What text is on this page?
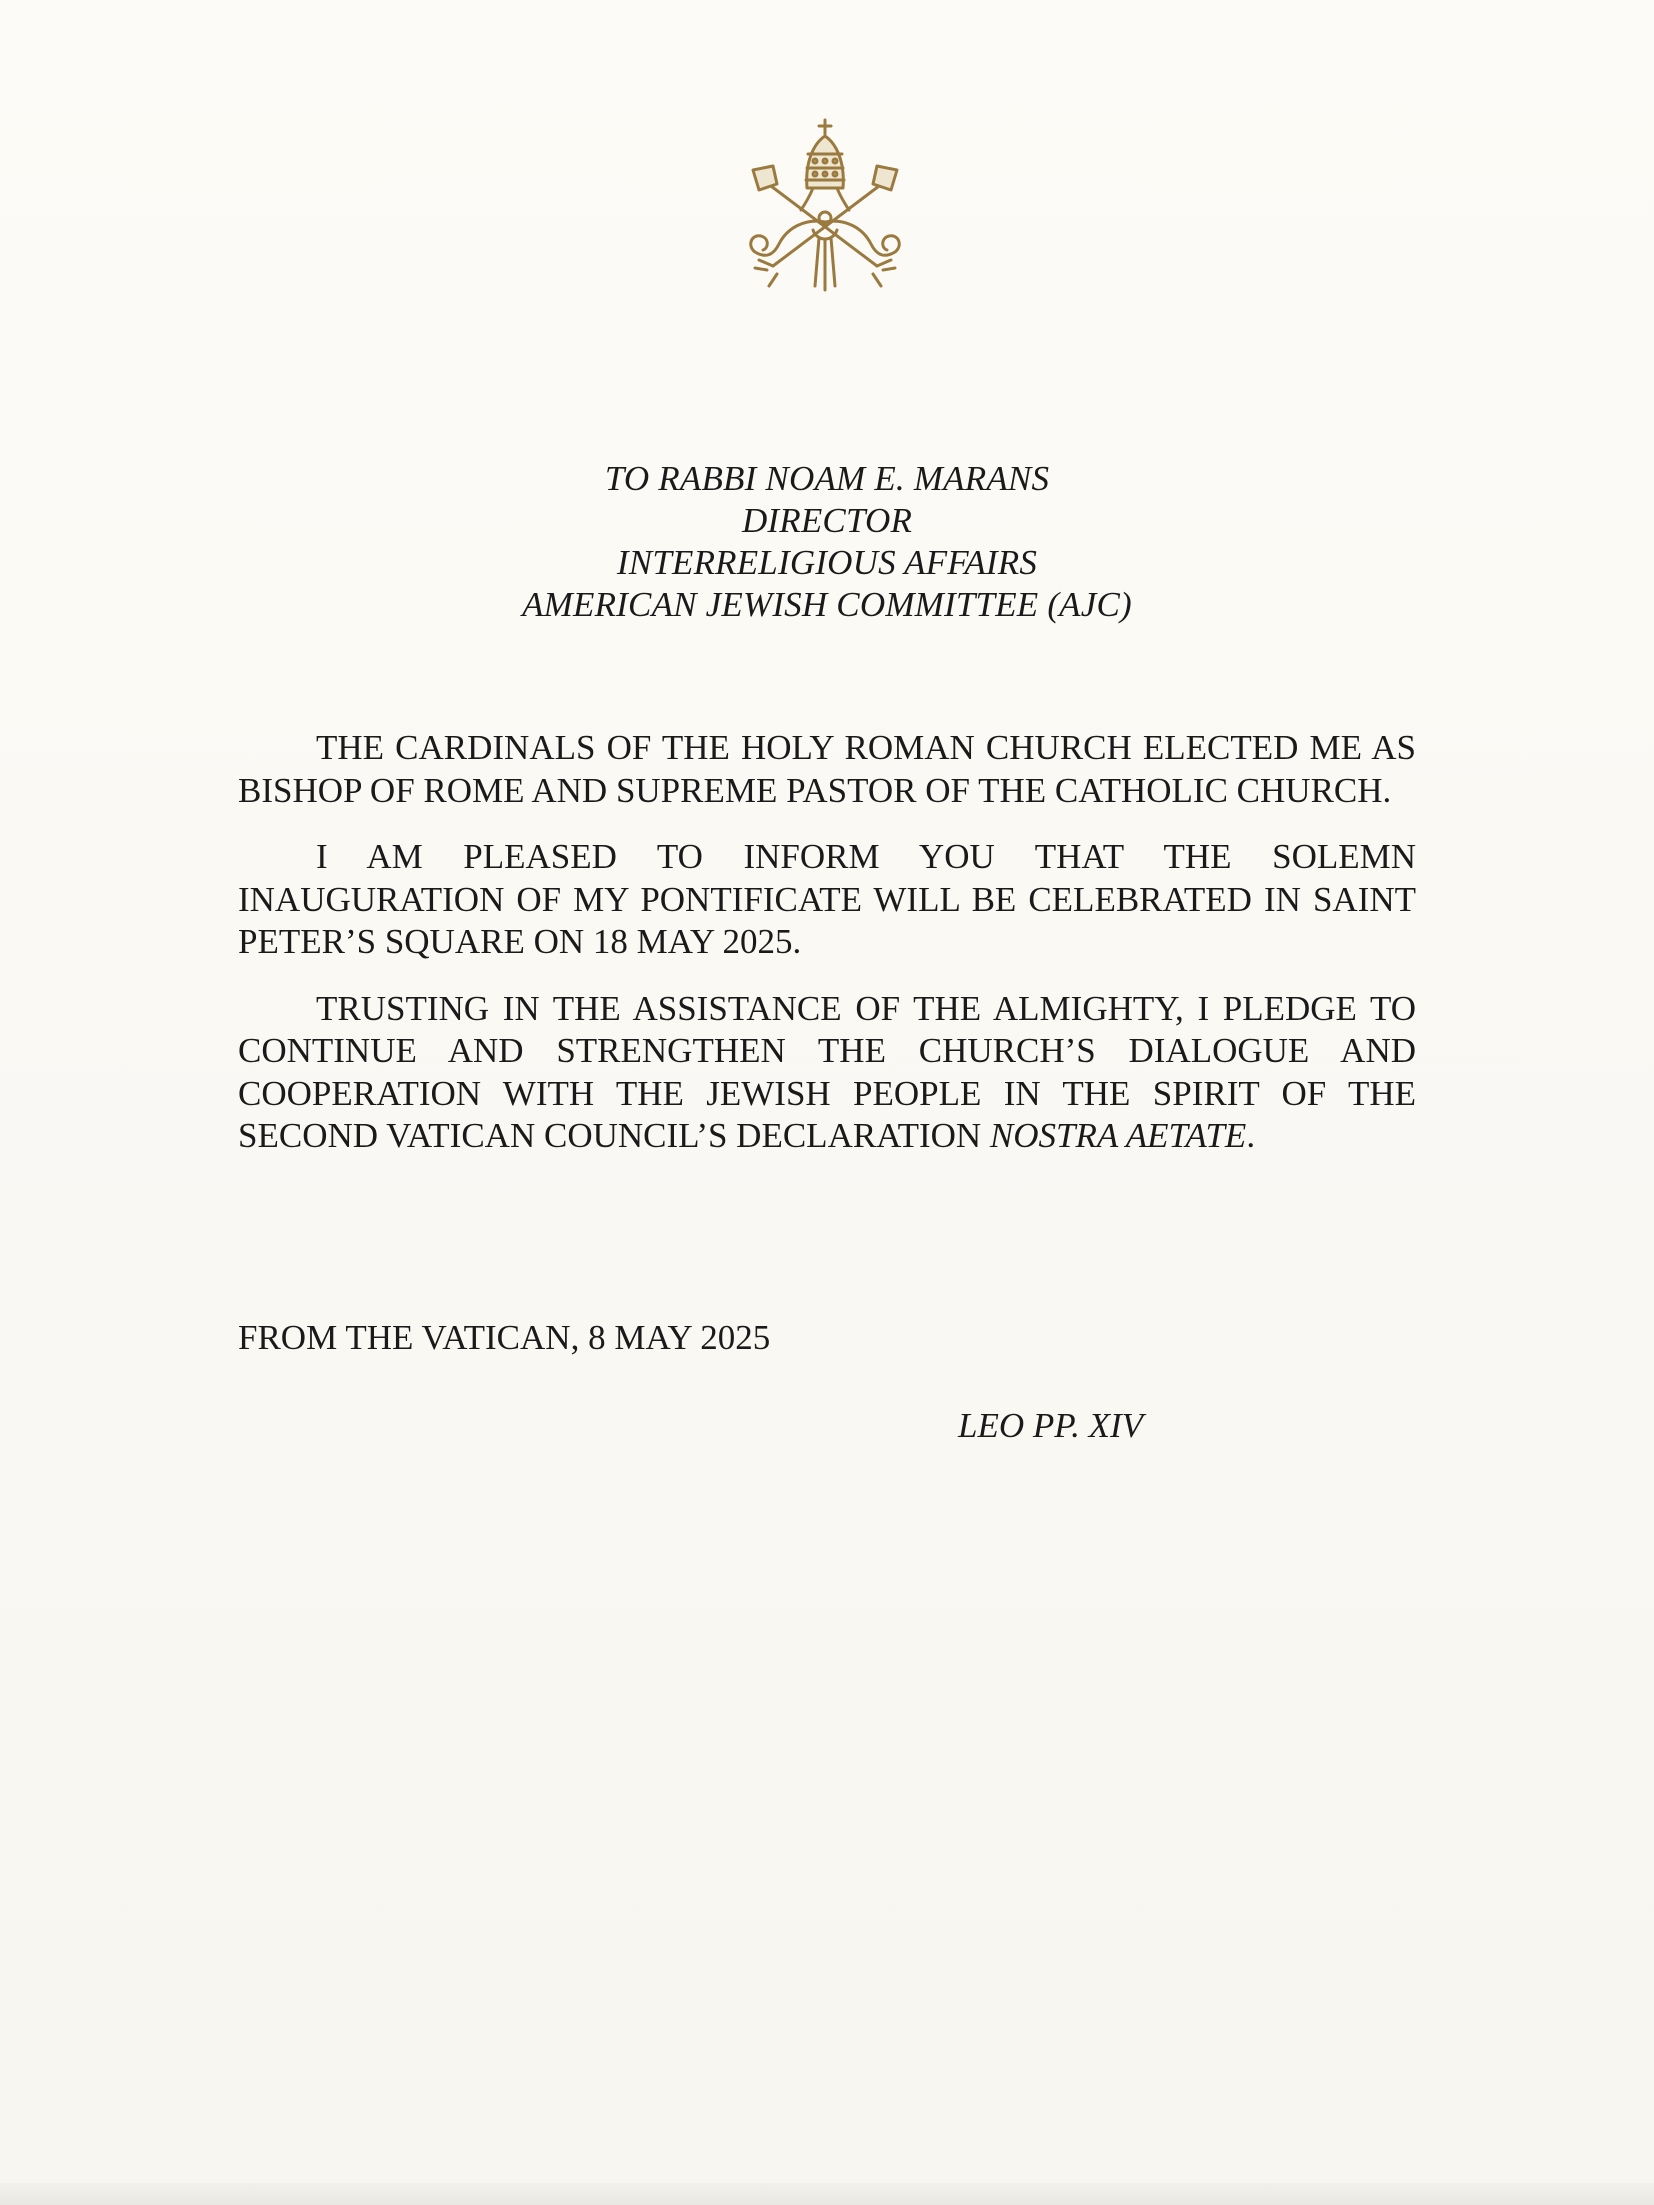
TO RABBI NOAM E. MARANS
DIRECTOR
INTERRELIGIOUS AFFAIRS
AMERICAN JEWISH COMMITTEE (AJC)

THE CARDINALS OF THE HOLY ROMAN CHURCH ELECTED ME AS BISHOP OF ROME AND SUPREME PASTOR OF THE CATHOLIC CHURCH.

I AM PLEASED TO INFORM YOU THAT THE SOLEMN INAUGURATION OF MY PONTIFICATE WILL BE CELEBRATED IN SAINT PETER’S SQUARE ON 18 MAY 2025.

TRUSTING IN THE ASSISTANCE OF THE ALMIGHTY, I PLEDGE TO CONTINUE AND STRENGTHEN THE CHURCH’S DIALOGUE AND COOPERATION WITH THE JEWISH PEOPLE IN THE SPIRIT OF THE SECOND VATICAN COUNCIL’S DECLARATION NOSTRA AETATE.

FROM THE VATICAN, 8 MAY 2025
LEO PP. XIV
